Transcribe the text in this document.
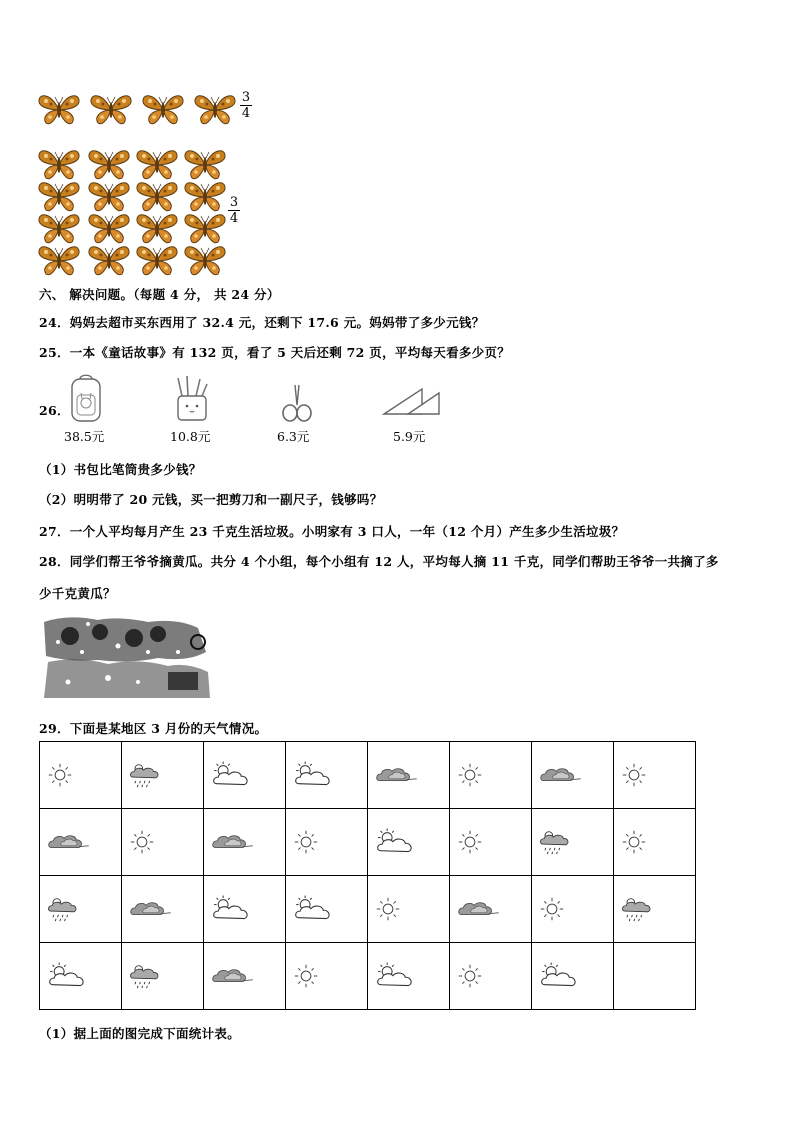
3
4
3
4
六、 解决问题。（每题 4 分， 共 24 分）
24．妈妈去超市买东西用了 32.4 元，还剩下 17.6 元。妈妈带了多少元钱？
25．一本《童话故事》有 132 页，看了 5 天后还剩 72 页，平均每天看多少页？
26．
38.5元	10.8元	6.3元	5.9元
（1）书包比笔筒贵多少钱？
（2）明明带了 20 元钱，买一把剪刀和一副尺子，钱够吗？
27．一个人平均每月产生 23 千克生活垃圾。小明家有 3 口人，一年（12 个月）产生多少生活垃圾？
28．同学们帮王爷爷摘黄瓜。共分 4 个小组，每个小组有 12 人，平均每人摘 11 千克，同学们帮助王爷爷一共摘了多
少千克黄瓜？
29．下面是某地区 3 月份的天气情况。

（1）据上面的图完成下面统计表。
